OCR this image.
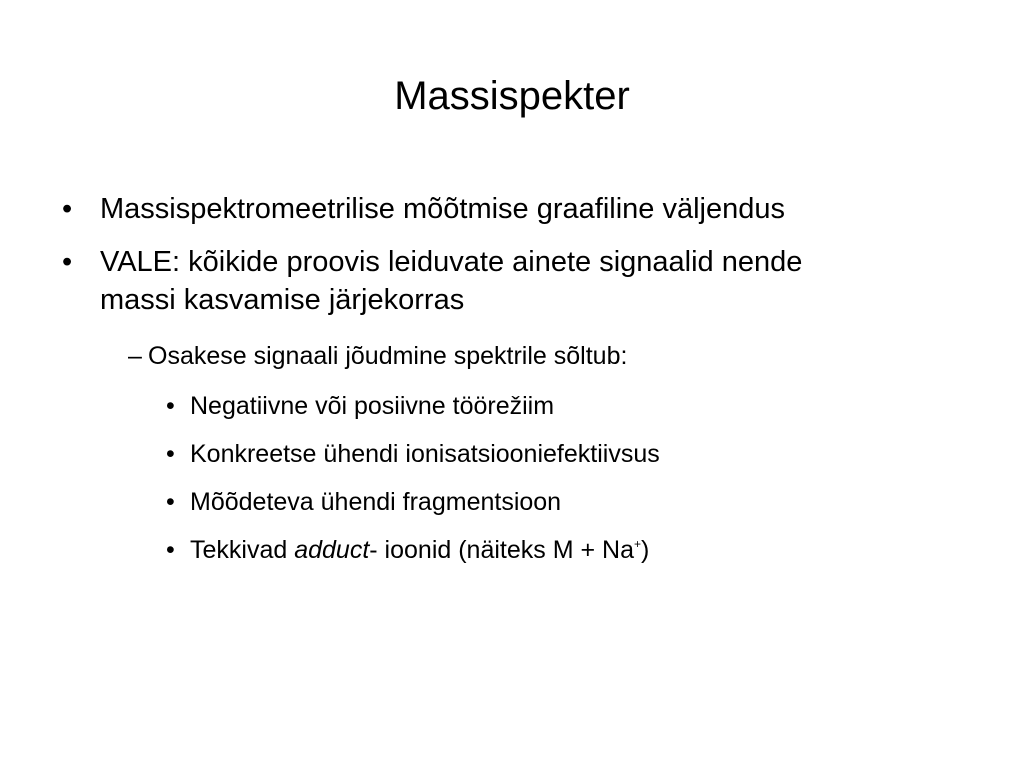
Massispekter
• Massispektromeetrilise mõõtmise graafiline väljendus
• VALE: kõikide proovis leiduvate ainete signaalid nende
massi kasvamise järjekorras
– Osakese signaali jõudmine spektrile sõltub:
• Negatiivne või posiivne töörežiim
• Konkreetse ühendi ionisatsiooniefektiivsus
• Mõõdeteva ühendi fragmentsioon
• Tekkivad adduct- ioonid (näiteks M + Na+)
